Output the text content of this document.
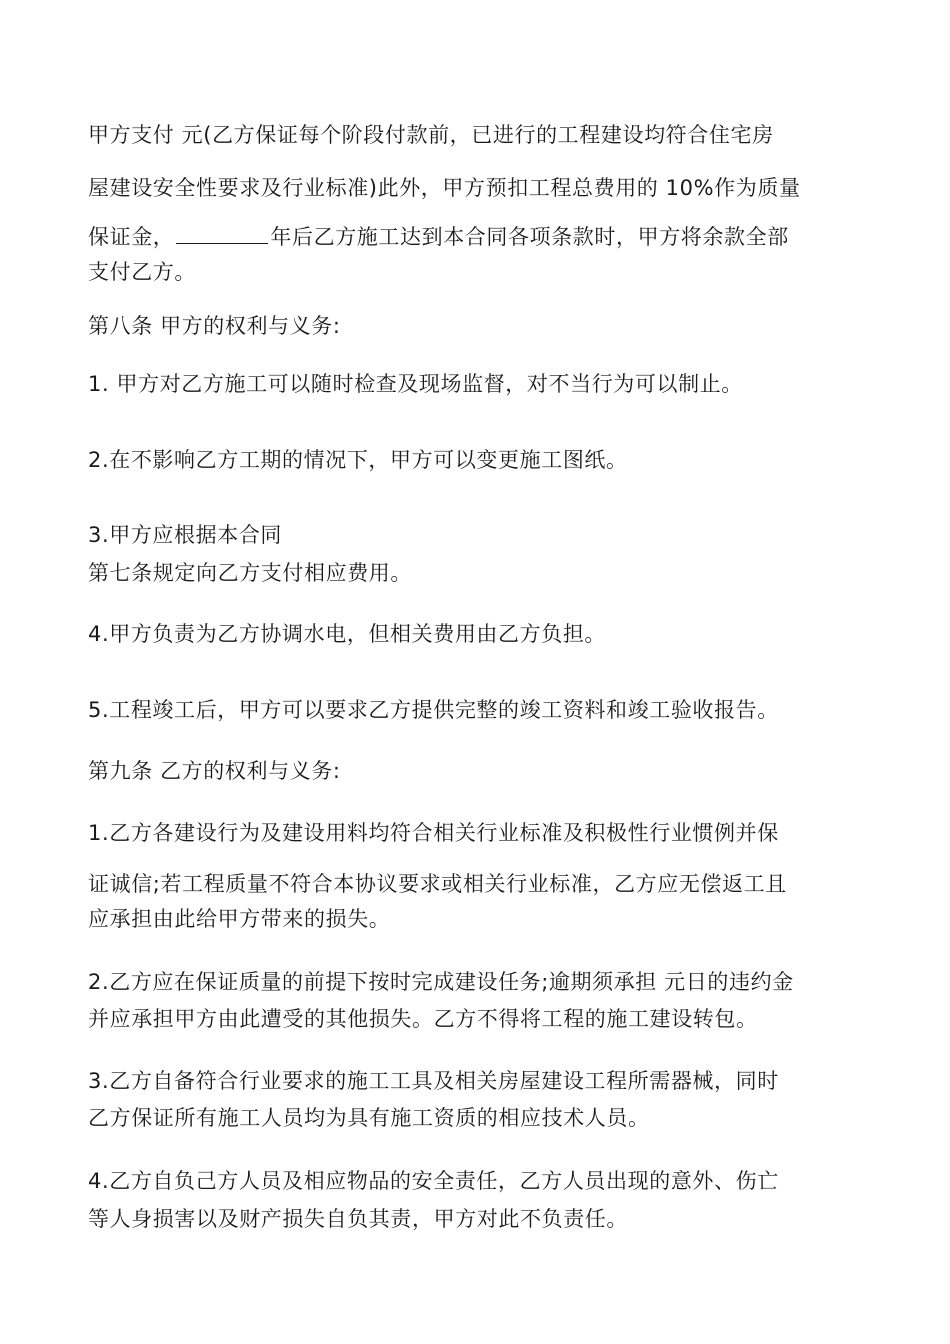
甲方支付 元(乙方保证每个阶段付款前，已进行的工程建设均符合住宅房

屋建设安全性要求及行业标准)此外，甲方预扣工程总费用的 10%作为质量

保证金，	年后乙方施工达到本合同各项条款时，甲方将余款全部

支付乙方。

第八条 甲方的权利与义务:

1. 甲方对乙方施工可以随时检查及现场监督，对不当行为可以制止。

2.在不影响乙方工期的情况下，甲方可以变更施工图纸。

3.甲方应根据本合同

第七条规定向乙方支付相应费用。

4.甲方负责为乙方协调水电，但相关费用由乙方负担。

5.工程竣工后，甲方可以要求乙方提供完整的竣工资料和竣工验收报告。

第九条 乙方的权利与义务:

1.乙方各建设行为及建设用料均符合相关行业标准及积极性行业惯例并保

证诚信;若工程质量不符合本协议要求或相关行业标准，乙方应无偿返工且

应承担由此给甲方带来的损失。

2.乙方应在保证质量的前提下按时完成建设任务;逾期须承担 元日的违约金

并应承担甲方由此遭受的其他损失。乙方不得将工程的施工建设转包。

3.乙方自备符合行业要求的施工工具及相关房屋建设工程所需器械，同时

乙方保证所有施工人员均为具有施工资质的相应技术人员。

4.乙方自负己方人员及相应物品的安全责任，乙方人员出现的意外、伤亡

等人身损害以及财产损失自负其责，甲方对此不负责任。
